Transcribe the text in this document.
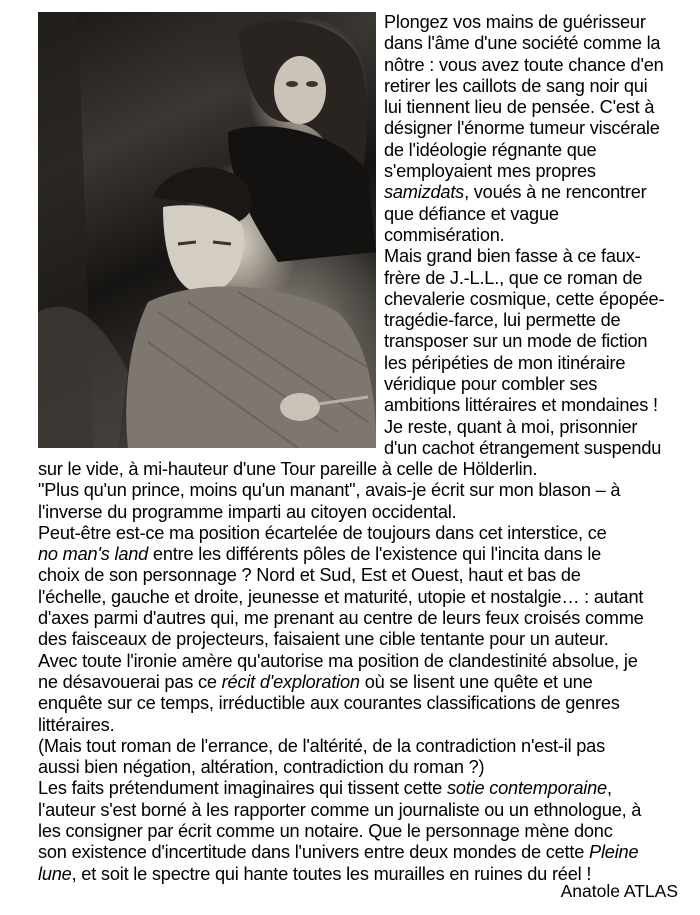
Plongez vos mains de guérisseur
dans l'âme d'une société comme la
nôtre : vous avez toute chance d'en
retirer les caillots de sang noir qui
lui tiennent lieu de pensée. C'est à
désigner l'énorme tumeur viscérale
de l'idéologie régnante que
s'employaient mes propres
samizdats, voués à ne rencontrer
que défiance et vague
commisération.
Mais grand bien fasse à ce faux-
frère de J.-L.L., que ce roman de
chevalerie cosmique, cette épopée-
tragédie-farce, lui permette de
transposer sur un mode de fiction
les péripéties de mon itinéraire
véridique pour combler ses
ambitions littéraires et mondaines !
Je reste, quant à moi, prisonnier
d'un cachot étrangement suspendu
sur le vide, à mi-hauteur d'une Tour pareille à celle de Hölderlin.
"Plus qu'un prince, moins qu'un manant", avais-je écrit sur mon blason – à
l'inverse du programme imparti au citoyen occidental.
Peut-être est-ce ma position écartelée de toujours dans cet interstice, ce
no man's land entre les différents pôles de l'existence qui l'incita dans le
choix de son personnage ? Nord et Sud, Est et Ouest, haut et bas de
l'échelle, gauche et droite, jeunesse et maturité, utopie et nostalgie… : autant
d'axes parmi d'autres qui, me prenant au centre de leurs feux croisés comme
des faisceaux de projecteurs, faisaient une cible tentante pour un auteur.
Avec toute l'ironie amère qu'autorise ma position de clandestinité absolue, je
ne désavouerai pas ce récit d'exploration où se lisent une quête et une
enquête sur ce temps, irréductible aux courantes classifications de genres
littéraires.
(Mais tout roman de l'errance, de l'altérité, de la contradiction n'est-il pas
aussi bien négation, altération, contradiction du roman ?)
Les faits prétendument imaginaires qui tissent cette sotie contemporaine,
l'auteur s'est borné à les rapporter comme un journaliste ou un ethnologue, à
les consigner par écrit comme un notaire. Que le personnage mène donc
son existence d'incertitude dans l'univers entre deux mondes de cette Pleine
lune, et soit le spectre qui hante toutes les murailles en ruines du réel !
Anatole ATLAS
